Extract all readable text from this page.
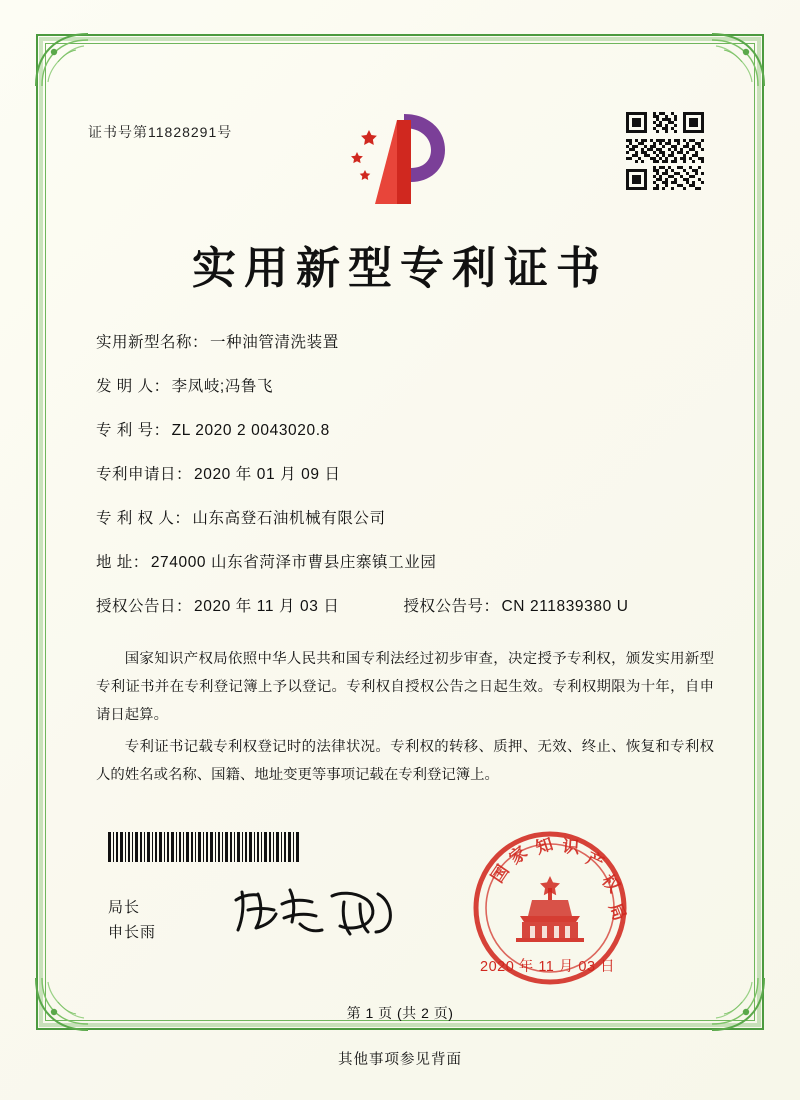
证书号第11828291号
实用新型专利证书
实用新型名称： 一种油管清洗装置
发 明 人： 李凤岐;冯鲁飞
专 利 号： ZL 2020 2 0043020.8
专利申请日： 2020 年 01 月 09 日
专 利 权 人： 山东高登石油机械有限公司
地 址： 274000 山东省菏泽市曹县庄寨镇工业园
授权公告日： 2020 年 11 月 03 日	授权公告号： CN 211839380 U

国家知识产权局依照中华人民共和国专利法经过初步审查，决定授予专利权，颁发实用新型专利证书并在专利登记簿上予以登记。专利权自授权公告之日起生效。专利权期限为十年，自申请日起算。

专利证书记载专利权登记时的法律状况。专利权的转移、质押、无效、终止、恢复和专利权人的姓名或名称、国籍、地址变更等事项记载在专利登记簿上。

局长
申长雨
国
家 知 识
产
权
局
2020 年 11 月 03 日
第 1 页 (共 2 页)
其他事项参见背面
